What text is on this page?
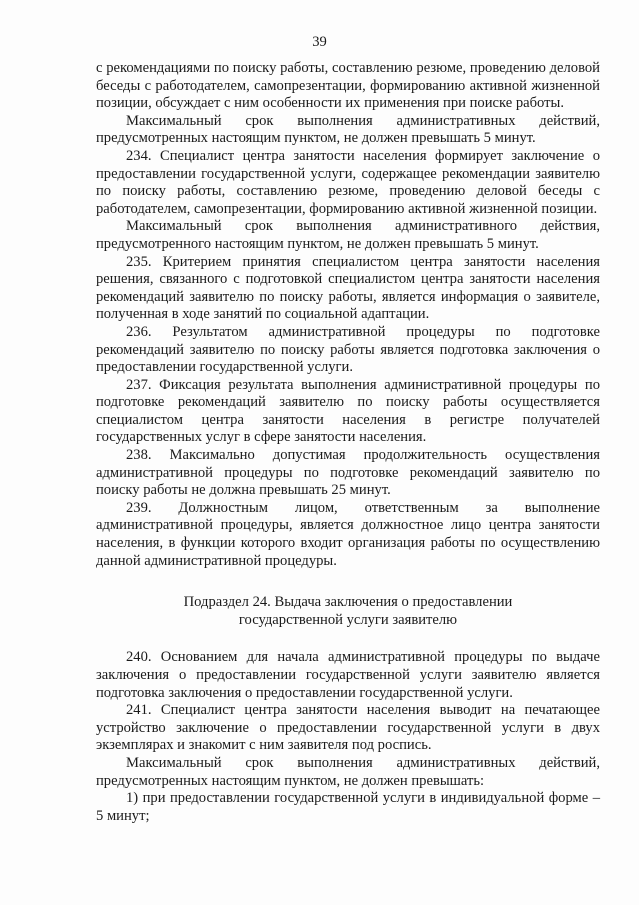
39

с рекомендациями по поиску работы, составлению резюме, проведению деловой беседы с работодателем, самопрезентации, формированию активной жизненной позиции, обсуждает с ним особенности их применения при поиске работы.

Максимальный срок выполнения административных действий, предусмотренных настоящим пунктом, не должен превышать 5 минут.

234. Специалист центра занятости населения формирует заключение о предоставлении государственной услуги, содержащее рекомендации заявителю по поиску работы, составлению резюме, проведению деловой беседы с работодателем, самопрезентации, формированию активной жизненной позиции.

Максимальный срок выполнения административного действия, предусмотренного настоящим пунктом, не должен превышать 5 минут.

235. Критерием принятия специалистом центра занятости населения решения, связанного с подготовкой специалистом центра занятости населения рекомендаций заявителю по поиску работы, является информация о заявителе, полученная в ходе занятий по социальной адаптации.

236. Результатом административной процедуры по подготовке рекомендаций заявителю по поиску работы является подготовка заключения о предоставлении государственной услуги.

237. Фиксация результата выполнения административной процедуры по подготовке рекомендаций заявителю по поиску работы осуществляется специалистом центра занятости населения в регистре получателей государственных услуг в сфере занятости населения.

238. Максимально допустимая продолжительность осуществления административной процедуры по подготовке рекомендаций заявителю по поиску работы не должна превышать 25 минут.

239. Должностным лицом, ответственным за выполнение административной процедуры, является должностное лицо центра занятости населения, в функции которого входит организация работы по осуществлению данной административной процедуры.

Подраздел 24. Выдача заключения о предоставлении
государственной услуги заявителю

240. Основанием для начала административной процедуры по выдаче заключения о предоставлении государственной услуги заявителю является подготовка заключения о предоставлении государственной услуги.

241. Специалист центра занятости населения выводит на печатающее устройство заключение о предоставлении государственной услуги в двух экземплярах и знакомит с ним заявителя под роспись.

Максимальный срок выполнения административных действий, предусмотренных настоящим пунктом, не должен превышать:

1) при предоставлении государственной услуги в индивидуальной форме – 5 минут;
